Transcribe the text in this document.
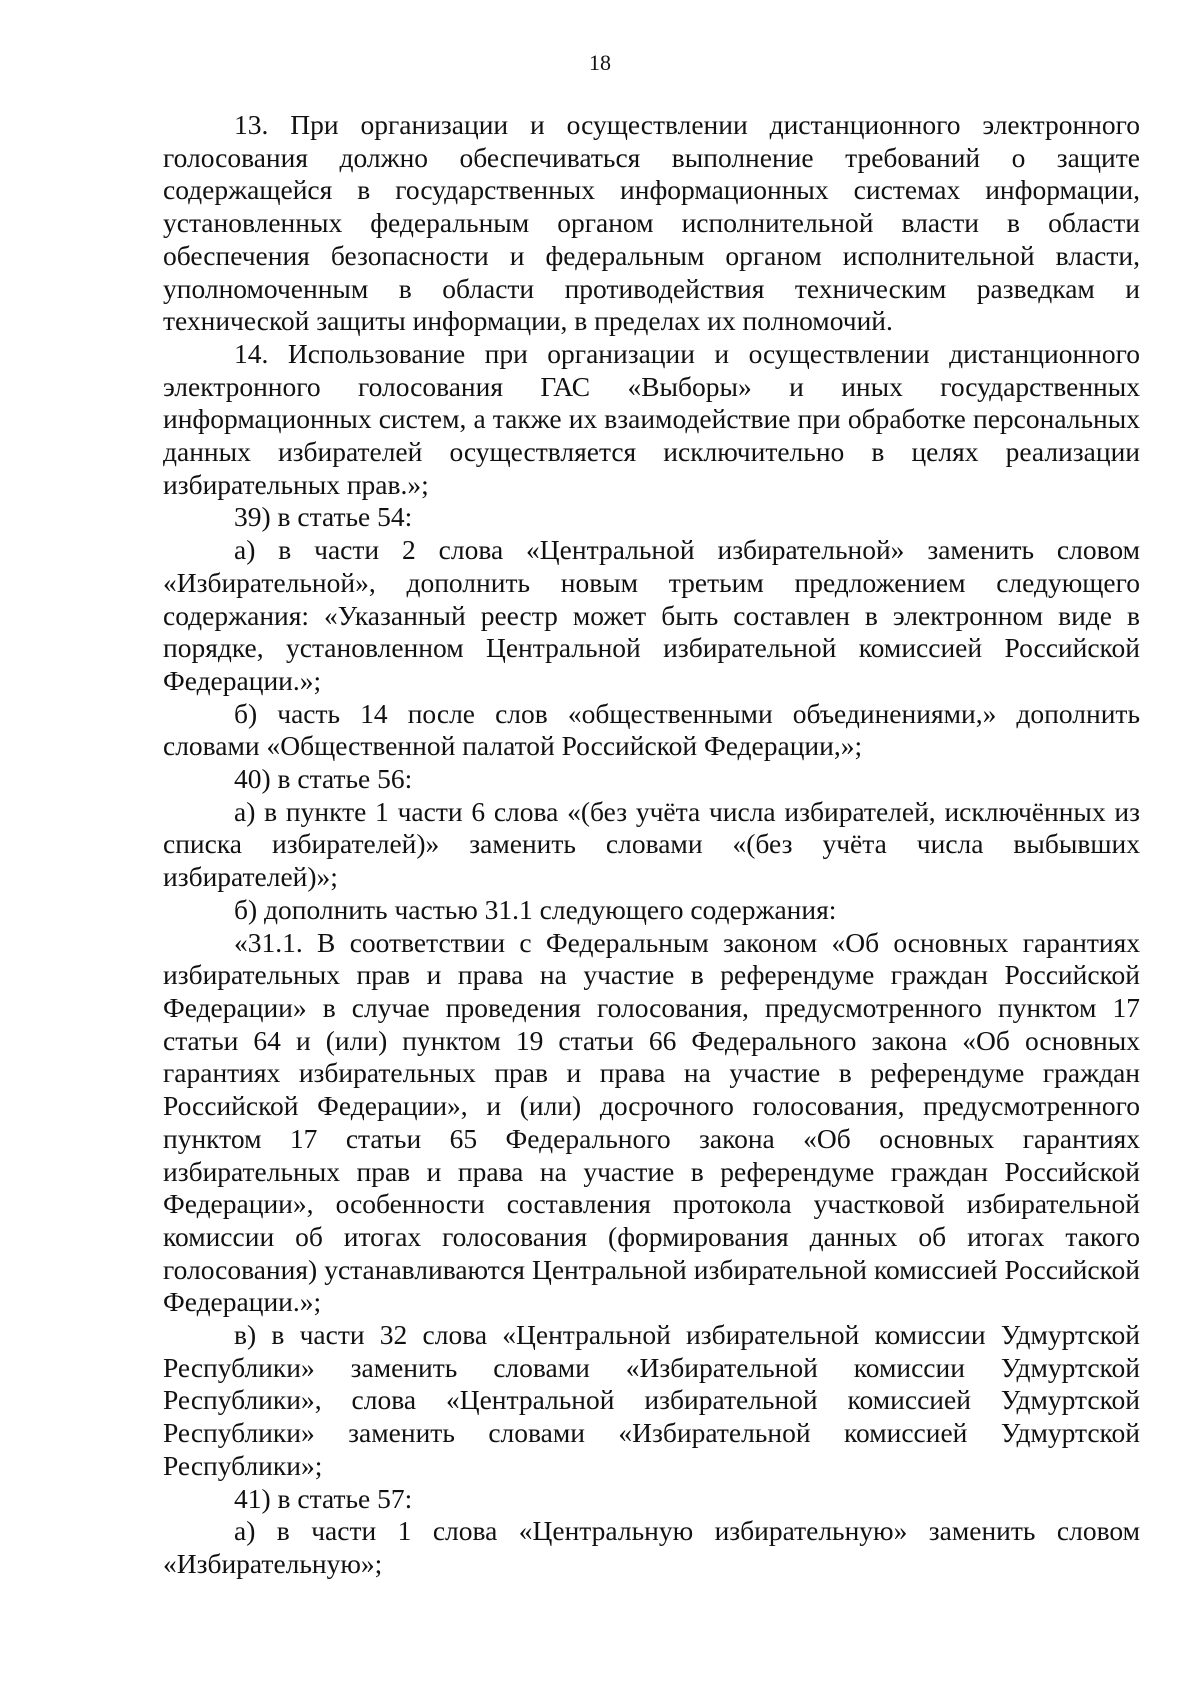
18

13. При организации и осуществлении дистанционного электронного голосования должно обеспечиваться выполнение требований о защите содержащейся в государственных информационных системах информации, установленных федеральным органом исполнительной власти в области обеспечения безопасности и федеральным органом исполнительной власти, уполномоченным в области противодействия техническим разведкам и технической защиты информации, в пределах их полномочий.

14. Использование при организации и осуществлении дистанционного электронного голосования ГАС «Выборы» и иных государственных информационных систем, а также их взаимодействие при обработке персональных данных избирателей осуществляется исключительно в целях реализации избирательных прав.»;

39) в статье 54:

а) в части 2 слова «Центральной избирательной» заменить словом «Избирательной», дополнить новым третьим предложением следующего содержания: «Указанный реестр может быть составлен в электронном виде в порядке, установленном Центральной избирательной комиссией Российской Федерации.»;

б) часть 14 после слов «общественными объединениями,» дополнить словами «Общественной палатой Российской Федерации,»;

40) в статье 56:

а) в пункте 1 части 6 слова «(без учёта числа избирателей, исключённых из списка избирателей)» заменить словами «(без учёта числа выбывших избирателей)»;

б) дополнить частью 31.1 следующего содержания:

«31.1. В соответствии с Федеральным законом «Об основных гарантиях избирательных прав и права на участие в референдуме граждан Российской Федерации» в случае проведения голосования, предусмотренного пунктом 17 статьи 64 и (или) пунктом 19 статьи 66 Федерального закона «Об основных гарантиях избирательных прав и права на участие в референдуме граждан Российской Федерации», и (или) досрочного голосования, предусмотренного пунктом 17 статьи 65 Федерального закона «Об основных гарантиях избирательных прав и права на участие в референдуме граждан Российской Федерации», особенности составления протокола участковой избирательной комиссии об итогах голосования (формирования данных об итогах такого голосования) устанавливаются Центральной избирательной комиссией Российской Федерации.»;

в) в части 32 слова «Центральной избирательной комиссии Удмуртской Республики» заменить словами «Избирательной комиссии Удмуртской Республики», слова «Центральной избирательной комиссией Удмуртской Республики» заменить словами «Избирательной комиссией Удмуртской Республики»;

41) в статье 57:

а) в части 1 слова «Центральную избирательную» заменить словом «Избирательную»;
